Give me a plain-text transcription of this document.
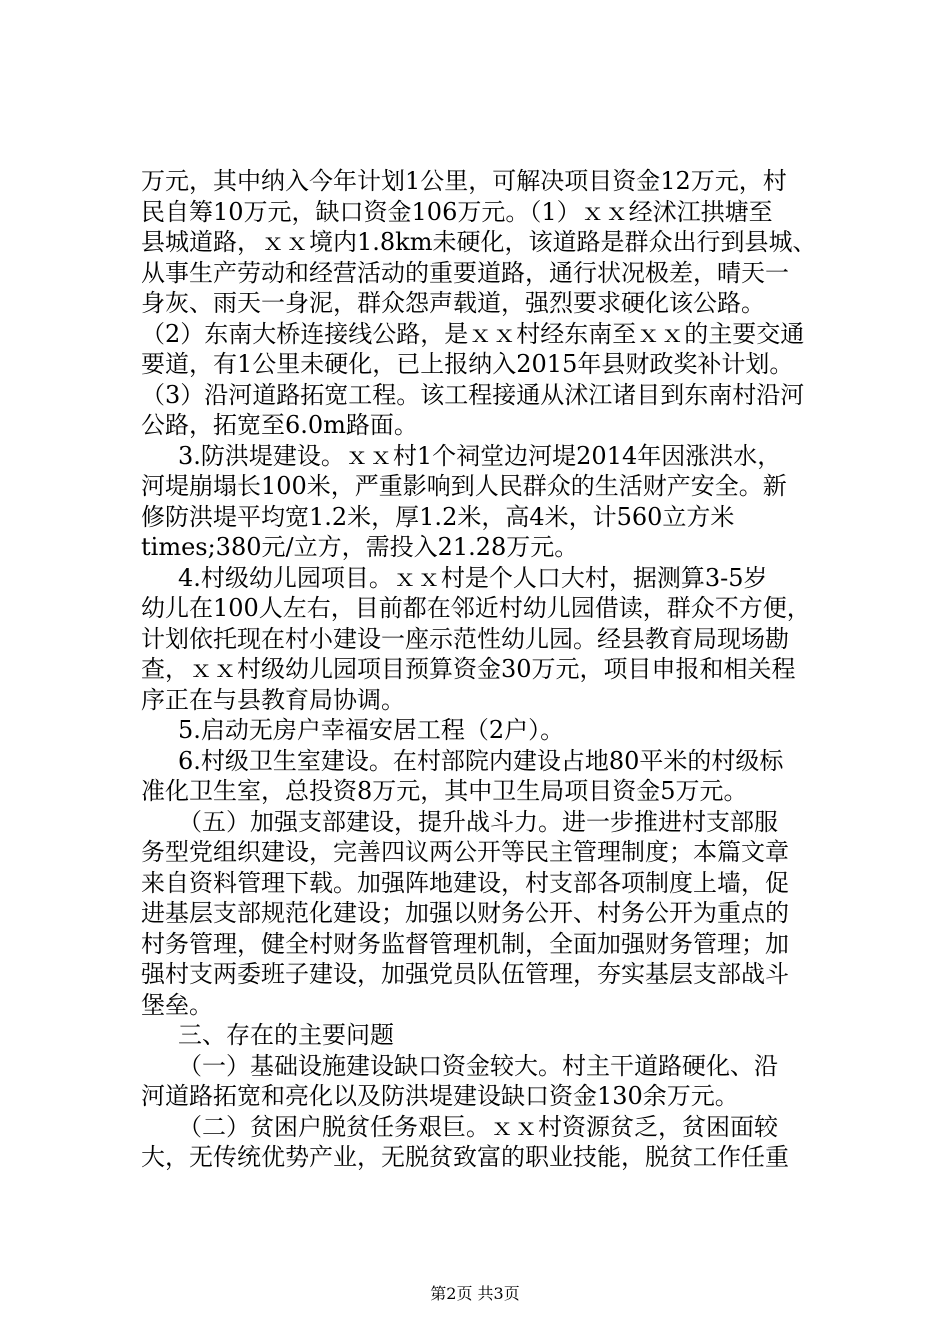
万元，其中纳入今年计划1公里，可解决项目资金12万元，村
民自筹10万元，缺口资金106万元。（1）ｘｘ经沭江拱塘至
县城道路，ｘｘ境内1.8km未硬化，该道路是群众出行到县城、
从事生产劳动和经营活动的重要道路，通行状况极差，晴天一
身灰、雨天一身泥，群众怨声载道，强烈要求硬化该公路。
（2）东南大桥连接线公路，是ｘｘ村经东南至ｘｘ的主要交通
要道，有1公里未硬化，已上报纳入2015年县财政奖补计划。
（3）沿河道路拓宽工程。该工程接通从沭江诸目到东南村沿河
公路，拓宽至6.0m路面。
3.防洪堤建设。ｘｘ村1个祠堂边河堤2014年因涨洪水，
河堤崩塌长100米，严重影响到人民群众的生活财产安全。新
修防洪堤平均宽1.2米，厚1.2米，高4米，计560立方米
times;380元/立方，需投入21.28万元。
4.村级幼儿园项目。ｘｘ村是个人口大村，据测算3-5岁
幼儿在100人左右，目前都在邻近村幼儿园借读，群众不方便，
计划依托现在村小建设一座示范性幼儿园。经县教育局现场勘
查，ｘｘ村级幼儿园项目预算资金30万元，项目申报和相关程
序正在与县教育局协调。
5.启动无房户幸福安居工程（2户）。
6.村级卫生室建设。在村部院内建设占地80平米的村级标
准化卫生室，总投资8万元，其中卫生局项目资金5万元。
（五）加强支部建设，提升战斗力。进一步推进村支部服
务型党组织建设，完善四议两公开等民主管理制度；本篇文章
来自资料管理下载。加强阵地建设，村支部各项制度上墙，促
进基层支部规范化建设；加强以财务公开、村务公开为重点的
村务管理，健全村财务监督管理机制，全面加强财务管理；加
强村支两委班子建设，加强党员队伍管理，夯实基层支部战斗
堡垒。
三、存在的主要问题
（一）基础设施建设缺口资金较大。村主干道路硬化、沿
河道路拓宽和亮化以及防洪堤建设缺口资金130余万元。
（二）贫困户脱贫任务艰巨。ｘｘ村资源贫乏，贫困面较
大，无传统优势产业，无脱贫致富的职业技能，脱贫工作任重
第2页 共3页
